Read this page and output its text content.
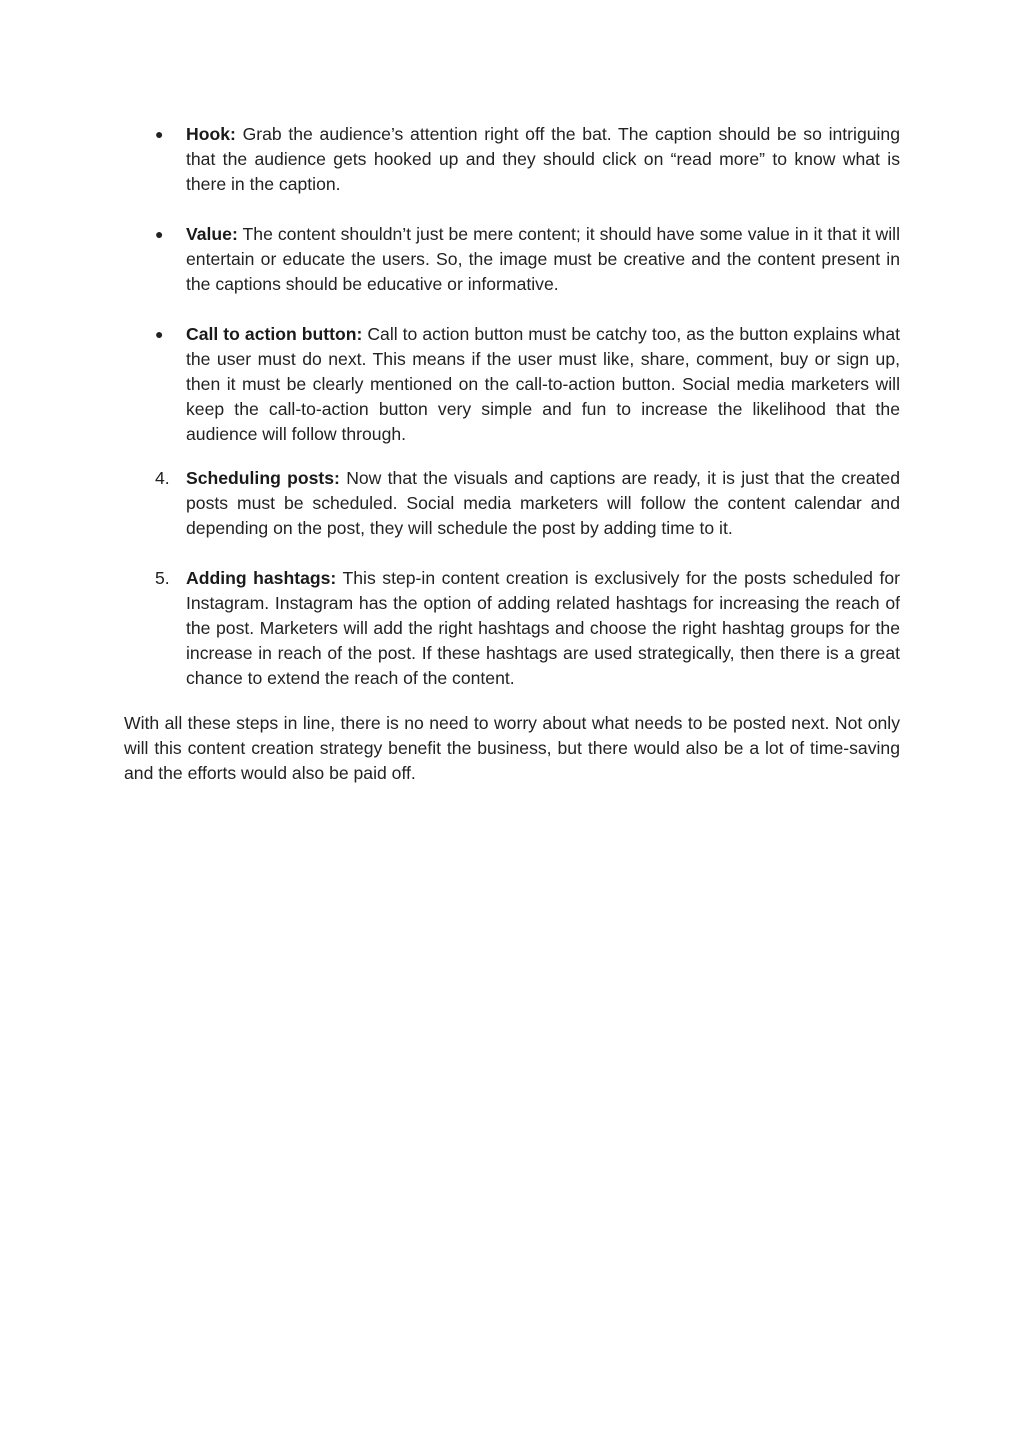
●	Hook: Grab the audience’s attention right off the bat. The caption should be so intriguing that the audience gets hooked up and they should click on “read more” to know what is there in the caption.
●	Value: The content shouldn’t just be mere content; it should have some value in it that it will entertain or educate the users. So, the image must be creative and the content present in the captions should be educative or informative.
●	Call to action button: Call to action button must be catchy too, as the button explains what the user must do next. This means if the user must like, share, comment, buy or sign up, then it must be clearly mentioned on the call-to-action button. Social media marketers will keep the call-to-action button very simple and fun to increase the likelihood that the audience will follow through.
4. Scheduling posts: Now that the visuals and captions are ready, it is just that the created posts must be scheduled. Social media marketers will follow the content calendar and depending on the post, they will schedule the post by adding time to it.
5. Adding hashtags: This step-in content creation is exclusively for the posts scheduled for Instagram. Instagram has the option of adding related hashtags for increasing the reach of the post. Marketers will add the right hashtags and choose the right hashtag groups for the increase in reach of the post. If these hashtags are used strategically, then there is a great chance to extend the reach of the content.

With all these steps in line, there is no need to worry about what needs to be posted next. Not only will this content creation strategy benefit the business, but there would also be a lot of time-saving and the efforts would also be paid off.
